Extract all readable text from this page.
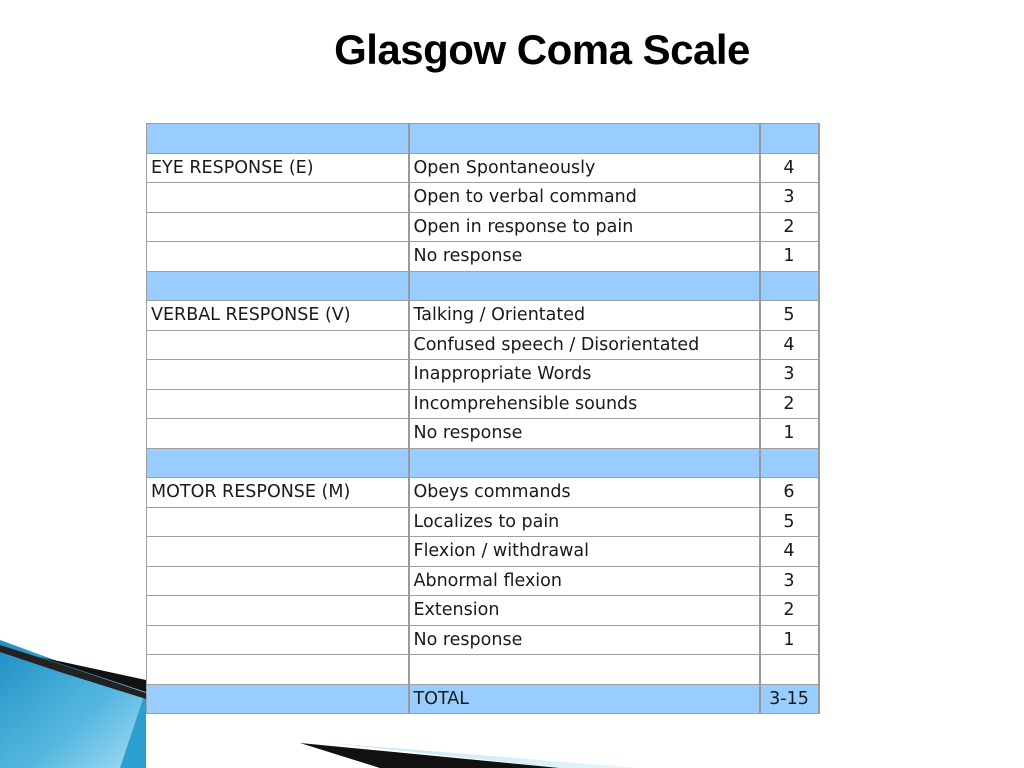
Glasgow Coma Scale

EYE RESPONSE (E)	Open Spontaneously	4
	Open to verbal command	3
	Open in response to pain	2
	No response	1

VERBAL RESPONSE (V)	Talking / Orientated	5
	Confused speech / Disorientated	4
	Inappropriate Words	3
	Incomprehensible sounds	2
	No response	1

MOTOR RESPONSE (M)	Obeys commands	6
	Localizes to pain	5
	Flexion / withdrawal	4
	Abnormal flexion	3
	Extension	2
	No response	1

	TOTAL	3-15
